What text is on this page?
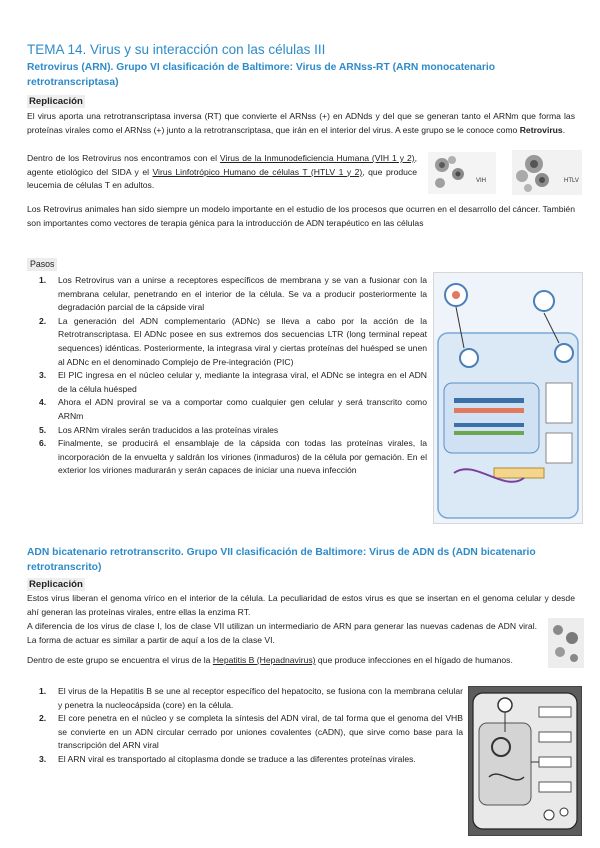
TEMA 14. Virus y su interacción con las células III
Retrovirus (ARN). Grupo VI clasificación de Baltimore: Virus de ARNss-RT (ARN monocatenario retrotranscriptasa)
Replicación
El virus aporta una retrotranscriptasa inversa (RT) que convierte el ARNss (+) en ADNds y del que se generan tanto el ARNm que forma las proteínas virales como el ARNss (+) junto a la retrotranscriptasa, que irán en el interior del virus. A este grupo se le conoce como Retrovirus.
Dentro de los Retrovirus nos encontramos con el Virus de la Inmunodeficiencia Humana (VIH 1 y 2), agente etiológico del SIDA y el Virus Linfotrópico Humano de células T (HTLV 1 y 2), que produce leucemia de células T en adultos.	VIH	HTLV
Los Retrovirus animales han sido siempre un modelo importante en el estudio de los procesos que ocurren en el desarrollo del cáncer. También son importantes como vectores de terapia génica para la introducción de ADN terapéutico en las células
Pasos
1. Los Retrovirus van a unirse a receptores específicos de membrana y se van a fusionar con la membrana celular, penetrando en el interior de la célula. Se va a producir posteriormente la degradación parcial de la cápside viral
2. La generación del ADN complementario (ADNc) se lleva a cabo por la acción de la Retrotranscriptasa. El ADNc posee en sus extremos dos secuencias LTR (long terminal repeat sequences) idénticas. Posteriormente, la integrasa viral y ciertas proteínas del huésped se unen al ADNc en el denominado Complejo de Pre-integración (PIC)
3. El PIC ingresa en el núcleo celular y, mediante la integrasa viral, el ADNc se integra en el ADN de la célula huésped
4. Ahora el ADN proviral se va a comportar como cualquier gen celular y será transcrito como ARNm
5. Los ARNm virales serán traducidos a las proteínas virales
6. Finalmente, se producirá el ensamblaje de la cápsida con todas las proteínas virales, la incorporación de la envuelta y saldrán los viriones (inmaduros) de la célula por gemación. En el exterior los viriones madurarán y serán capaces de iniciar una nueva infección
ADN bicatenario retrotranscrito. Grupo VII clasificación de Baltimore: Virus de ADN ds (ADN bicatenario retrotranscrito)
Replicación
Estos virus liberan el genoma vírico en el interior de la célula. La peculiaridad de estos virus es que se insertan en el genoma celular y desde ahí generan las proteínas virales, entre ellas la enzima RT.
A diferencia de los virus de clase I, los de clase VII utilizan un intermediario de ARN para generar las nuevas cadenas de ADN viral. La forma de actuar es similar a partir de aquí a los de la clase VI.
Dentro de este grupo se encuentra el virus de la Hepatitis B (Hepadnavirus) que produce infecciones en el hígado de humanos.
1. El virus de la Hepatitis B se une al receptor específico del hepatocito, se fusiona con la membrana celular y penetra la nucleocápsida (core) en la célula.
2. El core penetra en el núcleo y se completa la síntesis del ADN viral, de tal forma que el genoma del VHB se convierte en un ADN circular cerrado por uniones covalentes (cADN), que sirve como base para la transcripción del ARN viral
3. El ARN viral es transportado al citoplasma donde se traduce a las diferentes proteínas virales.
